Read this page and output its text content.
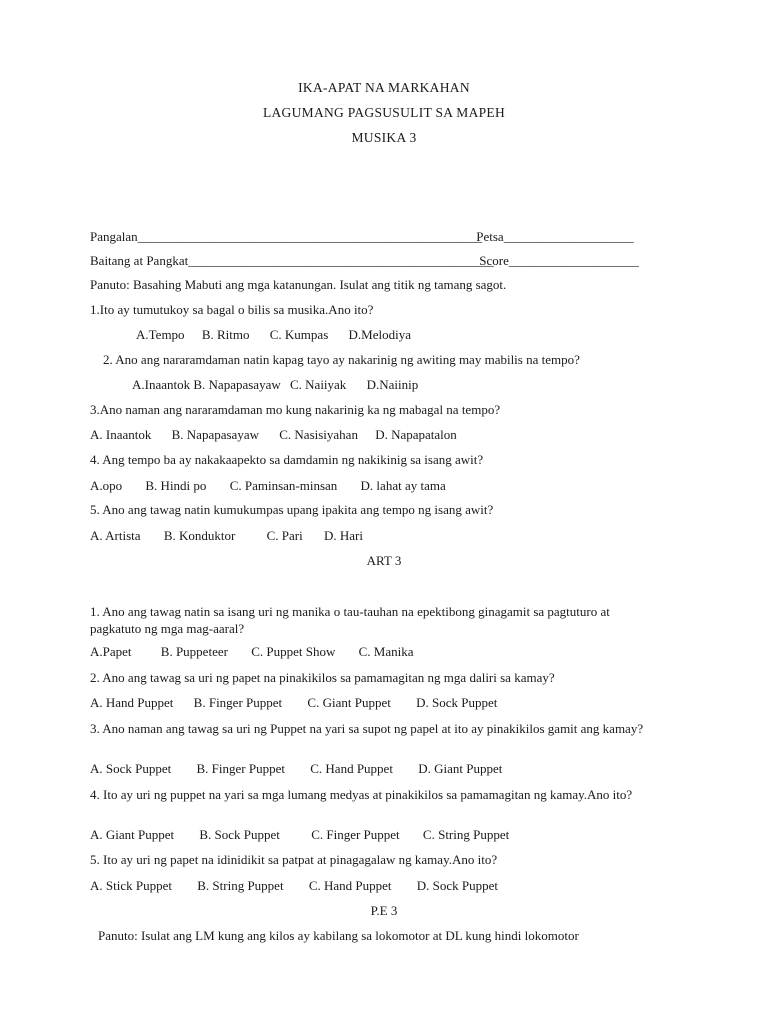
IKA-APAT NA MARKAHAN
LAGUMANG PAGSUSULIT SA MAPEH
MUSIKA 3
Pangalan_____________________________________________________ Petsa____________________
Baitang at Pangkat_______________________________________________ Score____________________
Panuto: Basahing Mabuti ang mga katanungan. Isulat ang titik ng tamang sagot.
1.Ito ay tumutukoy sa bagal o bilis sa musika.Ano ito?
A.Tempo B. Ritmo C. Kumpas D.Melodiya
2. Ano ang nararamdaman natin kapag tayo ay nakarinig ng awiting may mabilis na tempo?
A.Inaantok B. Napapasayaw C. Naiiyak D.Naiinip
3.Ano naman ang nararamdaman mo kung nakarinig ka ng mabagal na tempo?
A. Inaantok B. Napapasayaw C. Nasisiyahan D. Napapatalon
4. Ang tempo ba ay nakakaapekto sa damdamin ng nakikinig sa isang awit?
A.opo B. Hindi po C. Paminsan-minsan D. lahat ay tama
5. Ano ang tawag natin kumukumpas upang ipakita ang tempo ng isang awit?
A. Artista B. Konduktor C. Pari D. Hari
ART 3
1. Ano ang tawag natin sa isang uri ng manika o tau-tauhan na epektibong ginagamit sa pagtuturo at pagkatuto ng mga mag-aaral?
A.Papet B. Puppeteer C. Puppet Show C. Manika
2. Ano ang tawag sa uri ng papet na pinakikilos sa pamamagitan ng mga daliri sa kamay?
A. Hand Puppet B. Finger Puppet C. Giant Puppet D. Sock Puppet
3. Ano naman ang tawag sa uri ng Puppet na yari sa supot ng papel at ito ay pinakikilos gamit ang kamay?
A. Sock Puppet B. Finger Puppet C. Hand Puppet D. Giant Puppet
4. Ito ay uri ng puppet na yari sa mga lumang medyas at pinakikilos sa pamamagitan ng kamay.Ano ito?
A. Giant Puppet B. Sock Puppet C. Finger Puppet C. String Puppet
5. Ito ay uri ng papet na idinidikit sa patpat at pinagagalaw ng kamay.Ano ito?
A. Stick Puppet B. String Puppet C. Hand Puppet D. Sock Puppet
P.E 3
Panuto: Isulat ang LM kung ang kilos ay kabilang sa lokomotor at DL kung hindi lokomotor
